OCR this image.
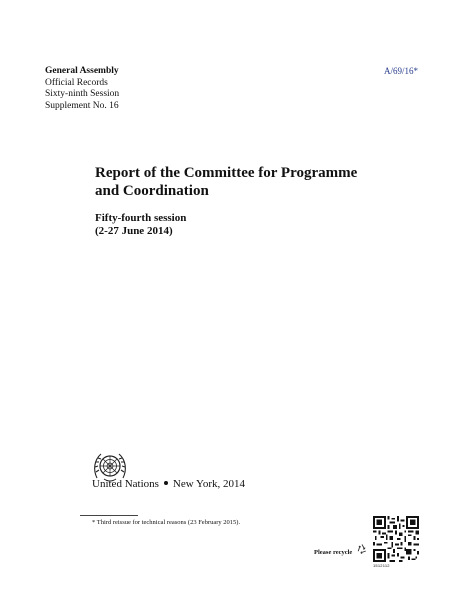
General Assembly
Official Records
Sixty-ninth Session
Supplement No. 16
A/69/16*
Report of the Committee for Programme
and Coordination
Fifty-fourth session
(2-27 June 2014)
United Nations New York, 2014
* Third reissue for technical reasons (23 February 2015).
Please recycle
1512112
